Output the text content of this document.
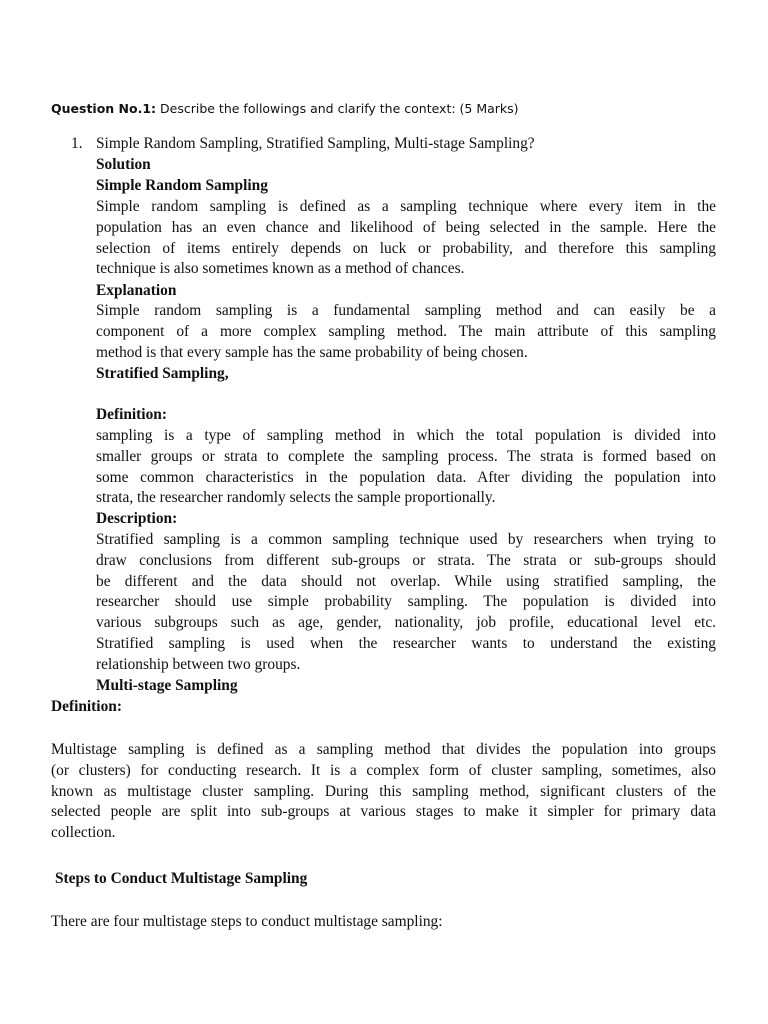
Question No.1: Describe the followings and clarify the context: (5 Marks)
1. Simple Random Sampling, Stratified Sampling, Multi-stage Sampling?
Solution
Simple Random Sampling
Simple random sampling is defined as a sampling technique where every item in the
population has an even chance and likelihood of being selected in the sample. Here the
selection of items entirely depends on luck or probability, and therefore this sampling
technique is also sometimes known as a method of chances.
Explanation
Simple random sampling is a fundamental sampling method and can easily be a
component of a more complex sampling method. The main attribute of this sampling
method is that every sample has the same probability of being chosen.
Stratified Sampling,
Definition:
sampling is a type of sampling method in which the total population is divided into
smaller groups or strata to complete the sampling process. The strata is formed based on
some common characteristics in the population data. After dividing the population into
strata, the researcher randomly selects the sample proportionally.
Description:
Stratified sampling is a common sampling technique used by researchers when trying to
draw conclusions from different sub-groups or strata. The strata or sub-groups should
be different and the data should not overlap. While using stratified sampling, the
researcher should use simple probability sampling. The population is divided into
various subgroups such as age, gender, nationality, job profile, educational level etc.
Stratified sampling is used when the researcher wants to understand the existing
relationship between two groups.
Multi-stage Sampling
Definition:
Multistage sampling is defined as a sampling method that divides the population into groups
(or clusters) for conducting research. It is a complex form of cluster sampling, sometimes, also
known as multistage cluster sampling. During this sampling method, significant clusters of the
selected people are split into sub-groups at various stages to make it simpler for primary data
collection.
Steps to Conduct Multistage Sampling
There are four multistage steps to conduct multistage sampling:
